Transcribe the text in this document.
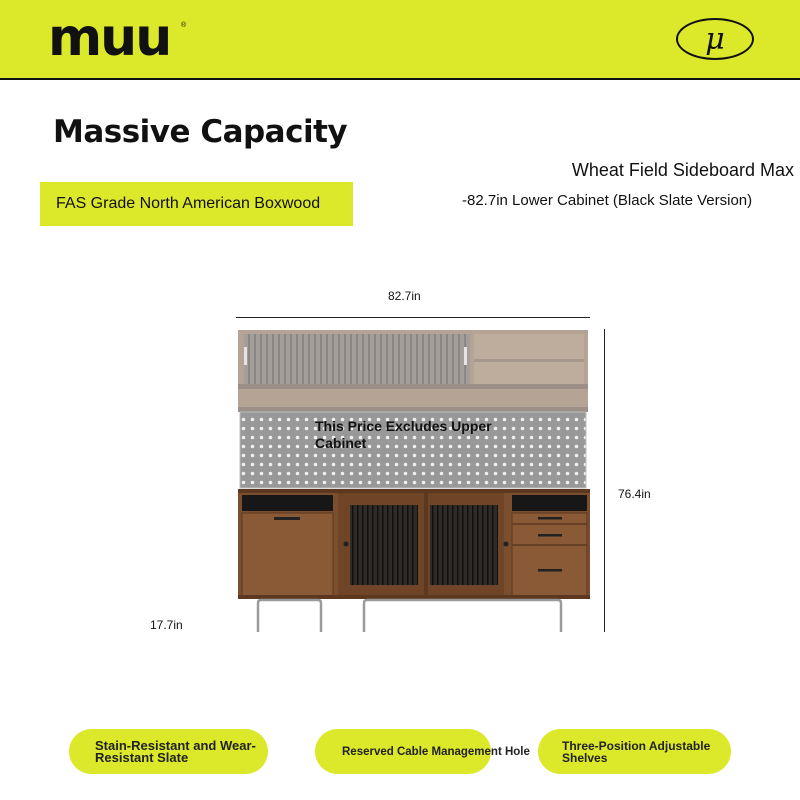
muu ®	μ
Massive Capacity
FAS Grade North American Boxwood
Wheat Field Sideboard Max
-82.7in Lower Cabinet (Black Slate Version)
82.7in
76.4in
17.7in
This Price Excludes Upper Cabinet
Stain-Resistant and Wear-Resistant Slate	Reserved Cable Management Hole	Three-Position Adjustable Shelves
